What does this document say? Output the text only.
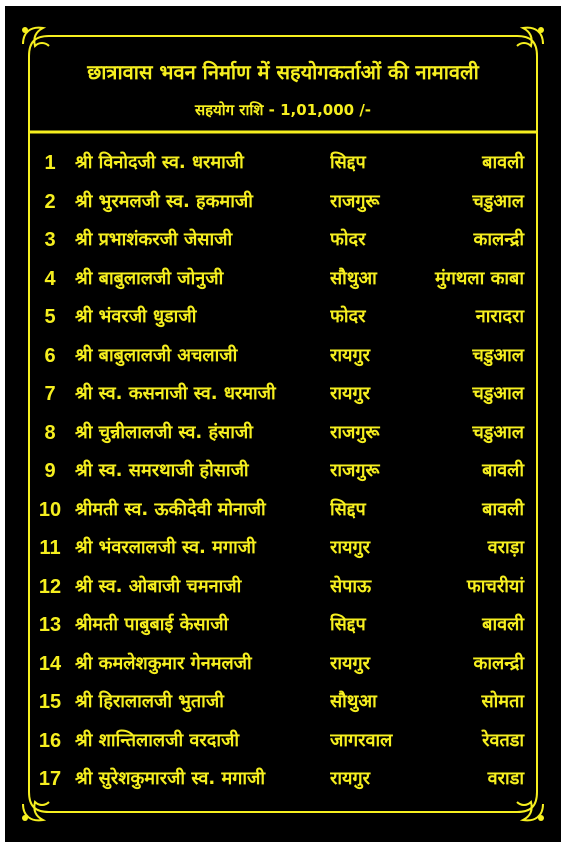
छात्रावास भवन निर्माण में सहयोगकर्ताओं की नामावली
सहयोग राशि - 1,01,000 /-
1	श्री विनोदजी स्व. धरमाजी	सिद्दप	बावली
2	श्री भुरमलजी स्व. हकमाजी	राजगुरू	चडुआल
3	श्री प्रभाशंकरजी जेसाजी	फोदर	कालन्द्री
4	श्री बाबुलालजी जोनुजी	सौथुआ	मुंगथला काबा
5	श्री भंवरजी धुडाजी	फोदर	नारादरा
6	श्री बाबुलालजी अचलाजी	रायगुर	चडुआल
7	श्री स्व. कसनाजी स्व. धरमाजी	रायगुर	चडुआल
8	श्री चुन्नीलालजी स्व. हंसाजी	राजगुरू	चडुआल
9	श्री स्व. समरथाजी होसाजी	राजगुरू	बावली
10 श्रीमती स्व. ऊकीदेवी मोनाजी	सिद्दप	बावली
11 श्री भंवरलालजी स्व. मगाजी	रायगुर	वराड़ा
12 श्री स्व. ओबाजी चमनाजी	सेपाऊ	फाचरीयां
13 श्रीमती पाबुबाई केसाजी	सिद्दप	बावली
14 श्री कमलेशकुमार गेनमलजी	रायगुर	कालन्द्री
15 श्री हिरालालजी भुताजी	सौथुआ	सोमता
16 श्री शान्तिलालजी वरदाजी	जागरवाल	रेवतडा
17 श्री सुरेशकुमारजी स्व. मगाजी	रायगुर	वराडा
